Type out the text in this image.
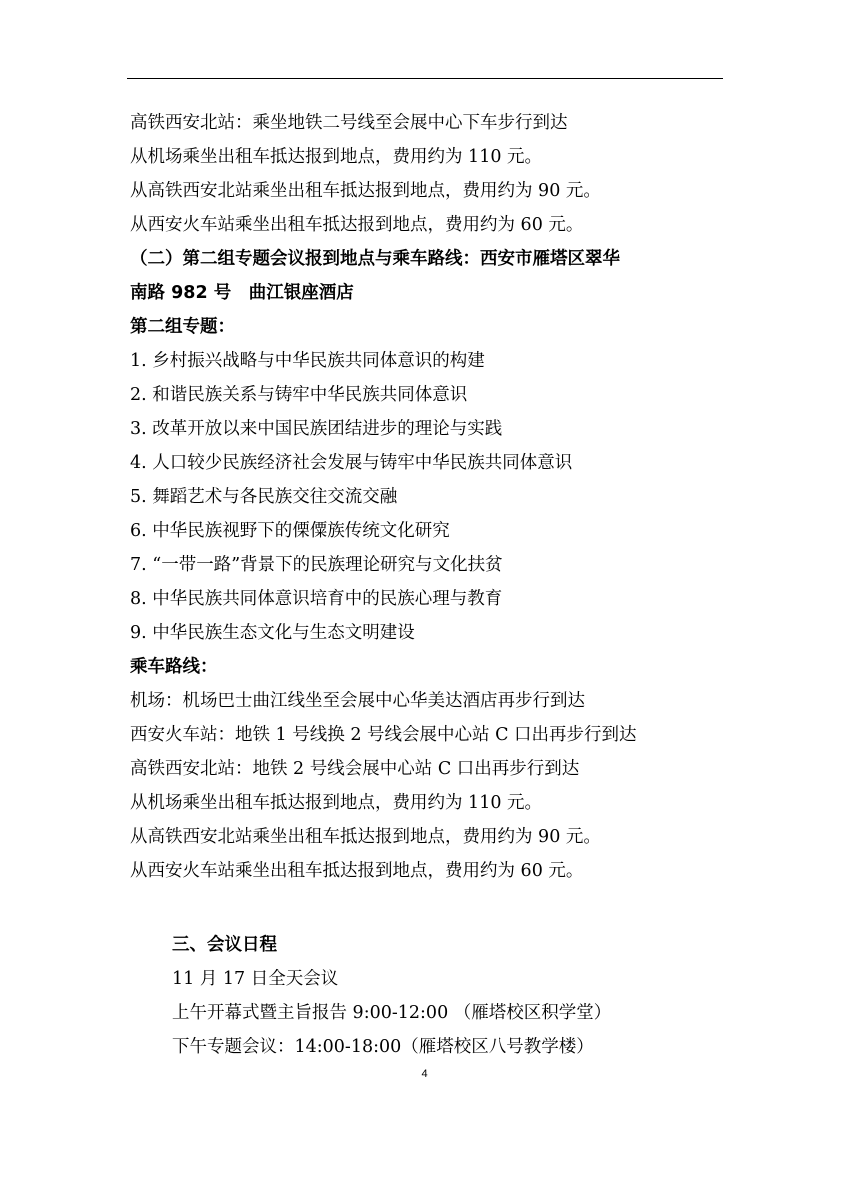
高铁西安北站：乘坐地铁二号线至会展中心下车步行到达
从机场乘坐出租车抵达报到地点，费用约为 110 元。
从高铁西安北站乘坐出租车抵达报到地点，费用约为 90 元。
从西安火车站乘坐出租车抵达报到地点，费用约为 60 元。
（二）第二组专题会议报到地点与乘车路线：西安市雁塔区翠华
南路 982 号　曲江银座酒店
第二组专题：
1. 乡村振兴战略与中华民族共同体意识的构建
2. 和谐民族关系与铸牢中华民族共同体意识
3. 改革开放以来中国民族团结进步的理论与实践
4. 人口较少民族经济社会发展与铸牢中华民族共同体意识
5. 舞蹈艺术与各民族交往交流交融
6. 中华民族视野下的傈僳族传统文化研究
7. “一带一路”背景下的民族理论研究与文化扶贫
8. 中华民族共同体意识培育中的民族心理与教育
9. 中华民族生态文化与生态文明建设
乘车路线：
机场：机场巴士曲江线坐至会展中心华美达酒店再步行到达
西安火车站：地铁 1 号线换 2 号线会展中心站 C 口出再步行到达
高铁西安北站：地铁 2 号线会展中心站 C 口出再步行到达
从机场乘坐出租车抵达报到地点，费用约为 110 元。
从高铁西安北站乘坐出租车抵达报到地点，费用约为 90 元。
从西安火车站乘坐出租车抵达报到地点，费用约为 60 元。
三、会议日程
11 月 17 日全天会议
上午开幕式暨主旨报告 9:00-12:00 （雁塔校区积学堂）
下午专题会议：14:00-18:00（雁塔校区八号教学楼）
4
